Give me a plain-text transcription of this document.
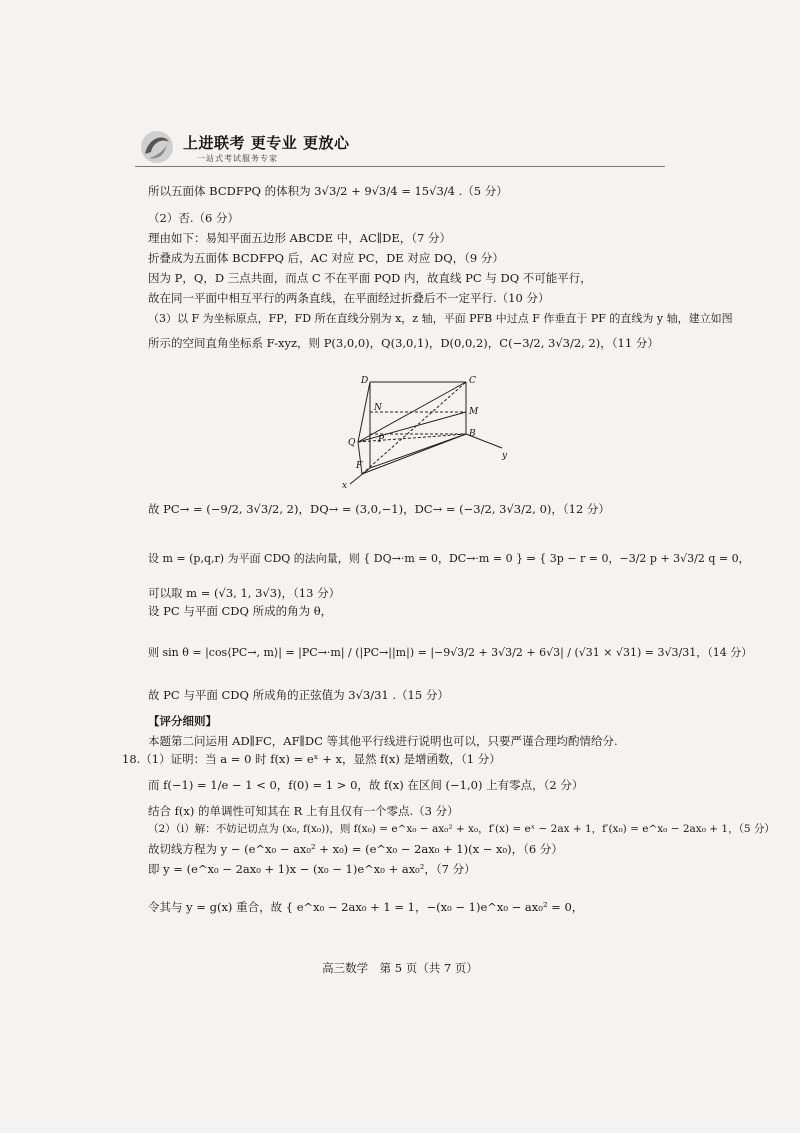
上进联考 更专业 更放心
一站式考试服务专家
所以五面体 BCDFPQ 的体积为 3√3/2 + 9√3/4 = 15√3/4 .（5 分）
（2）否.（6 分）
理由如下：易知平面五边形 ABCDE 中，AC∥DE，（7 分）
折叠成为五面体 BCDFPQ 后，AC 对应 PC，DE 对应 DQ，（9 分）
因为 P，Q，D 三点共面，而点 C 不在平面 PQD 内，故直线 PC 与 DQ 不可能平行，
故在同一平面中相互平行的两条直线，在平面经过折叠后不一定平行.（10 分）
（3）以 F 为坐标原点，FP，FD 所在直线分别为 x，z 轴，平面 PFB 中过点 F 作垂直于 PF 的直线为 y 轴，建立如图
所示的空间直角坐标系 F-xyz，则 P(3,0,0)，Q(3,0,1)，D(0,0,2)，C(−3/2, 3√3/2, 2)，（11 分）
D	C
N	M
Q	P
B
F
y
x
故 PC→ = (−9/2, 3√3/2, 2)，DQ→ = (3,0,−1)，DC→ = (−3/2, 3√3/2, 0)，（12 分）
设 m = (p,q,r) 为平面 CDQ 的法向量，则 { DQ→·m = 0，DC→·m = 0 } ⇒ { 3p − r = 0，−3/2 p + 3√3/2 q = 0，
可以取 m = (√3, 1, 3√3)，（13 分）
设 PC 与平面 CDQ 所成的角为 θ，
则 sin θ = |cos⟨PC→, m⟩| = |PC→·m| / (|PC→||m|) = |−9√3/2 + 3√3/2 + 6√3| / (√31 × √31) = 3√3/31，（14 分）
故 PC 与平面 CDQ 所成角的正弦值为 3√3/31 .（15 分）
【评分细则】
本题第二问运用 AD∥FC，AF∥DC 等其他平行线进行说明也可以，只要严谨合理均酌情给分.
18.（1）证明：当 a = 0 时 f(x) = eˣ + x，显然 f(x) 是增函数，（1 分）
而 f(−1) = 1/e − 1 < 0，f(0) = 1 > 0，故 f(x) 在区间 (−1,0) 上有零点，（2 分）
结合 f(x) 的单调性可知其在 R 上有且仅有一个零点.（3 分）
（2）（i）解：不妨记切点为 (x₀, f(x₀))，则 f(x₀) = e^x₀ − ax₀² + x₀，f′(x) = eˣ − 2ax + 1，f′(x₀) = e^x₀ − 2ax₀ + 1，（5 分）
故切线方程为 y − (e^x₀ − ax₀² + x₀) = (e^x₀ − 2ax₀ + 1)(x − x₀)，（6 分）
即 y = (e^x₀ − 2ax₀ + 1)x − (x₀ − 1)e^x₀ + ax₀²，（7 分）
令其与 y = g(x) 重合，故 { e^x₀ − 2ax₀ + 1 = 1，−(x₀ − 1)e^x₀ − ax₀² = 0，
高三数学　第 5 页（共 7 页）
